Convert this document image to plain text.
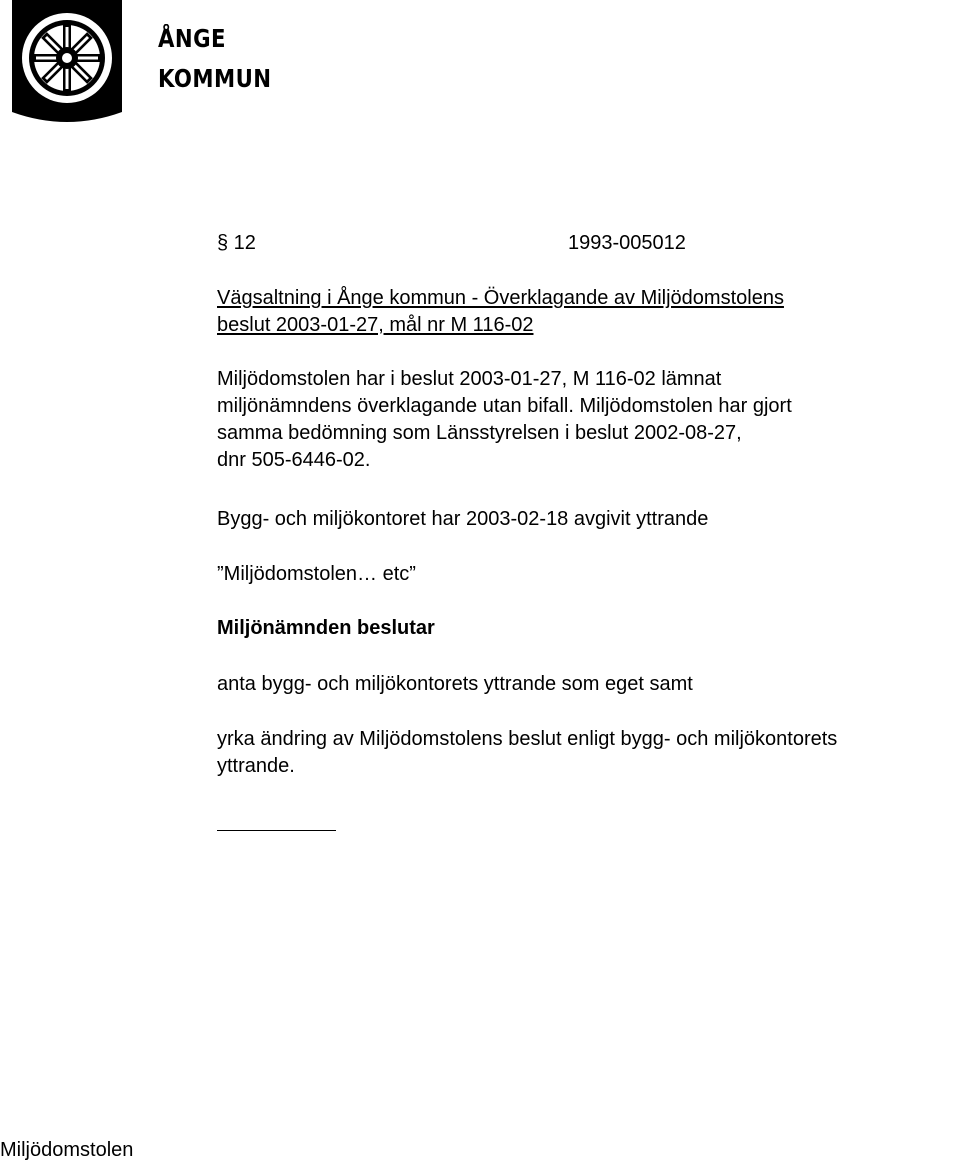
ÅNGE
KOMMUN
§ 12	1993-005012
Vägsaltning i Ånge kommun - Överklagande av Miljödomstolens
beslut 2003-01-27, mål nr M 116-02
Miljödomstolen har i beslut 2003-01-27, M 116-02 lämnat
miljönämndens överklagande utan bifall. Miljödomstolen har gjort
samma bedömning som Länsstyrelsen i beslut 2002-08-27,
dnr 505-6446-02.
Bygg- och miljökontoret har 2003-02-18 avgivit yttrande
”Miljödomstolen… etc”
Miljönämnden beslutar
anta bygg- och miljökontorets yttrande som eget samt
yrka ändring av Miljödomstolens beslut enligt bygg- och miljökontorets
yttrande.
Miljödomstolen
